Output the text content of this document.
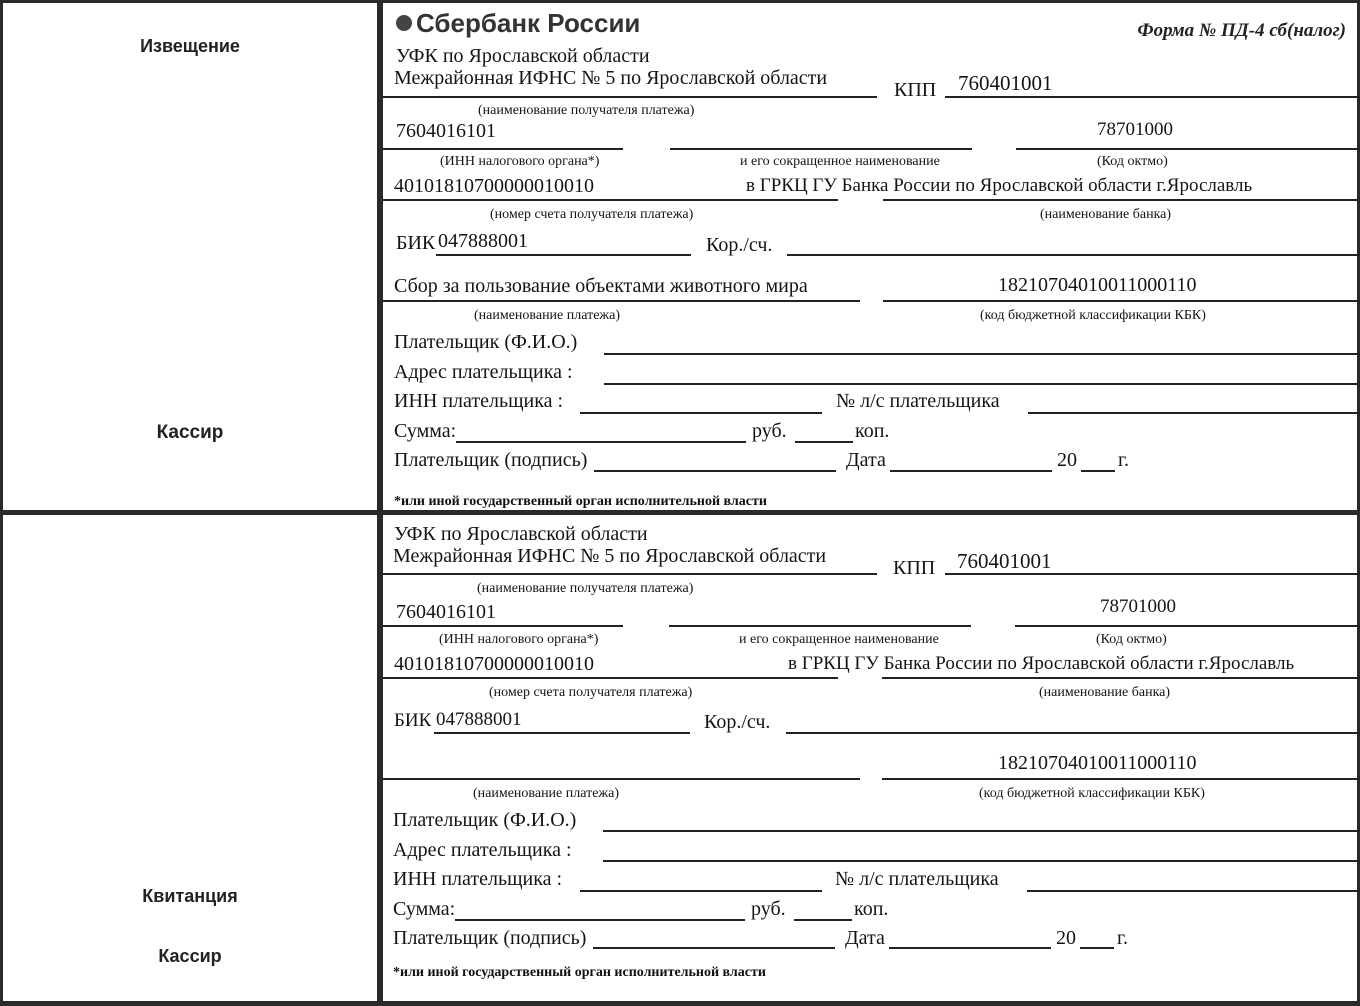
Извещение
Кассир
Квитанция
Кассир
Сбербанк России	Форма № ПД-4 сб(налог)
УФК по Ярославской области
Межрайонная ИФНС № 5 по Ярославской области
КПП 760401001
(наименование получателя платежа)
7604016101	78701000
(ИНН налогового органа*)	и его сокращенное наименование	(Код октмо)
40101810700000010010	в ГРКЦ ГУ Банка России по Ярославской области г.Ярославль
(номер счета получателя платежа)	(наименование банка)
БИК 047888001	Кор./сч.
Сбор за пользование объектами животного мира	18210704010011000110
(наименование платежа)	(код бюджетной классификации КБК)
Плательщик (Ф.И.О.)
Адрес плательщика :
ИНН плательщика :	№ л/с плательщика
Сумма:	руб.	коп.
Плательщик (подпись)	Дата	20 г.
*или иной государственный орган исполнительной власти
УФК по Ярославской области
Межрайонная ИФНС № 5 по Ярославской области
КПП 760401001
(наименование получателя платежа)
7604016101	78701000
(ИНН налогового органа*)	и его сокращенное наименование	(Код октмо)
40101810700000010010	в ГРКЦ ГУ Банка России по Ярославской области г.Ярославль
(номер счета получателя платежа)	(наименование банка)
БИК 047888001	Кор./сч.
18210704010011000110
(наименование платежа)	(код бюджетной классификации КБК)
Плательщик (Ф.И.О.)
Адрес плательщика :
ИНН плательщика :	№ л/с плательщика
Сумма:	руб.	коп.
Плательщик (подпись)	Дата	20 г.
*или иной государственный орган исполнительной власти
